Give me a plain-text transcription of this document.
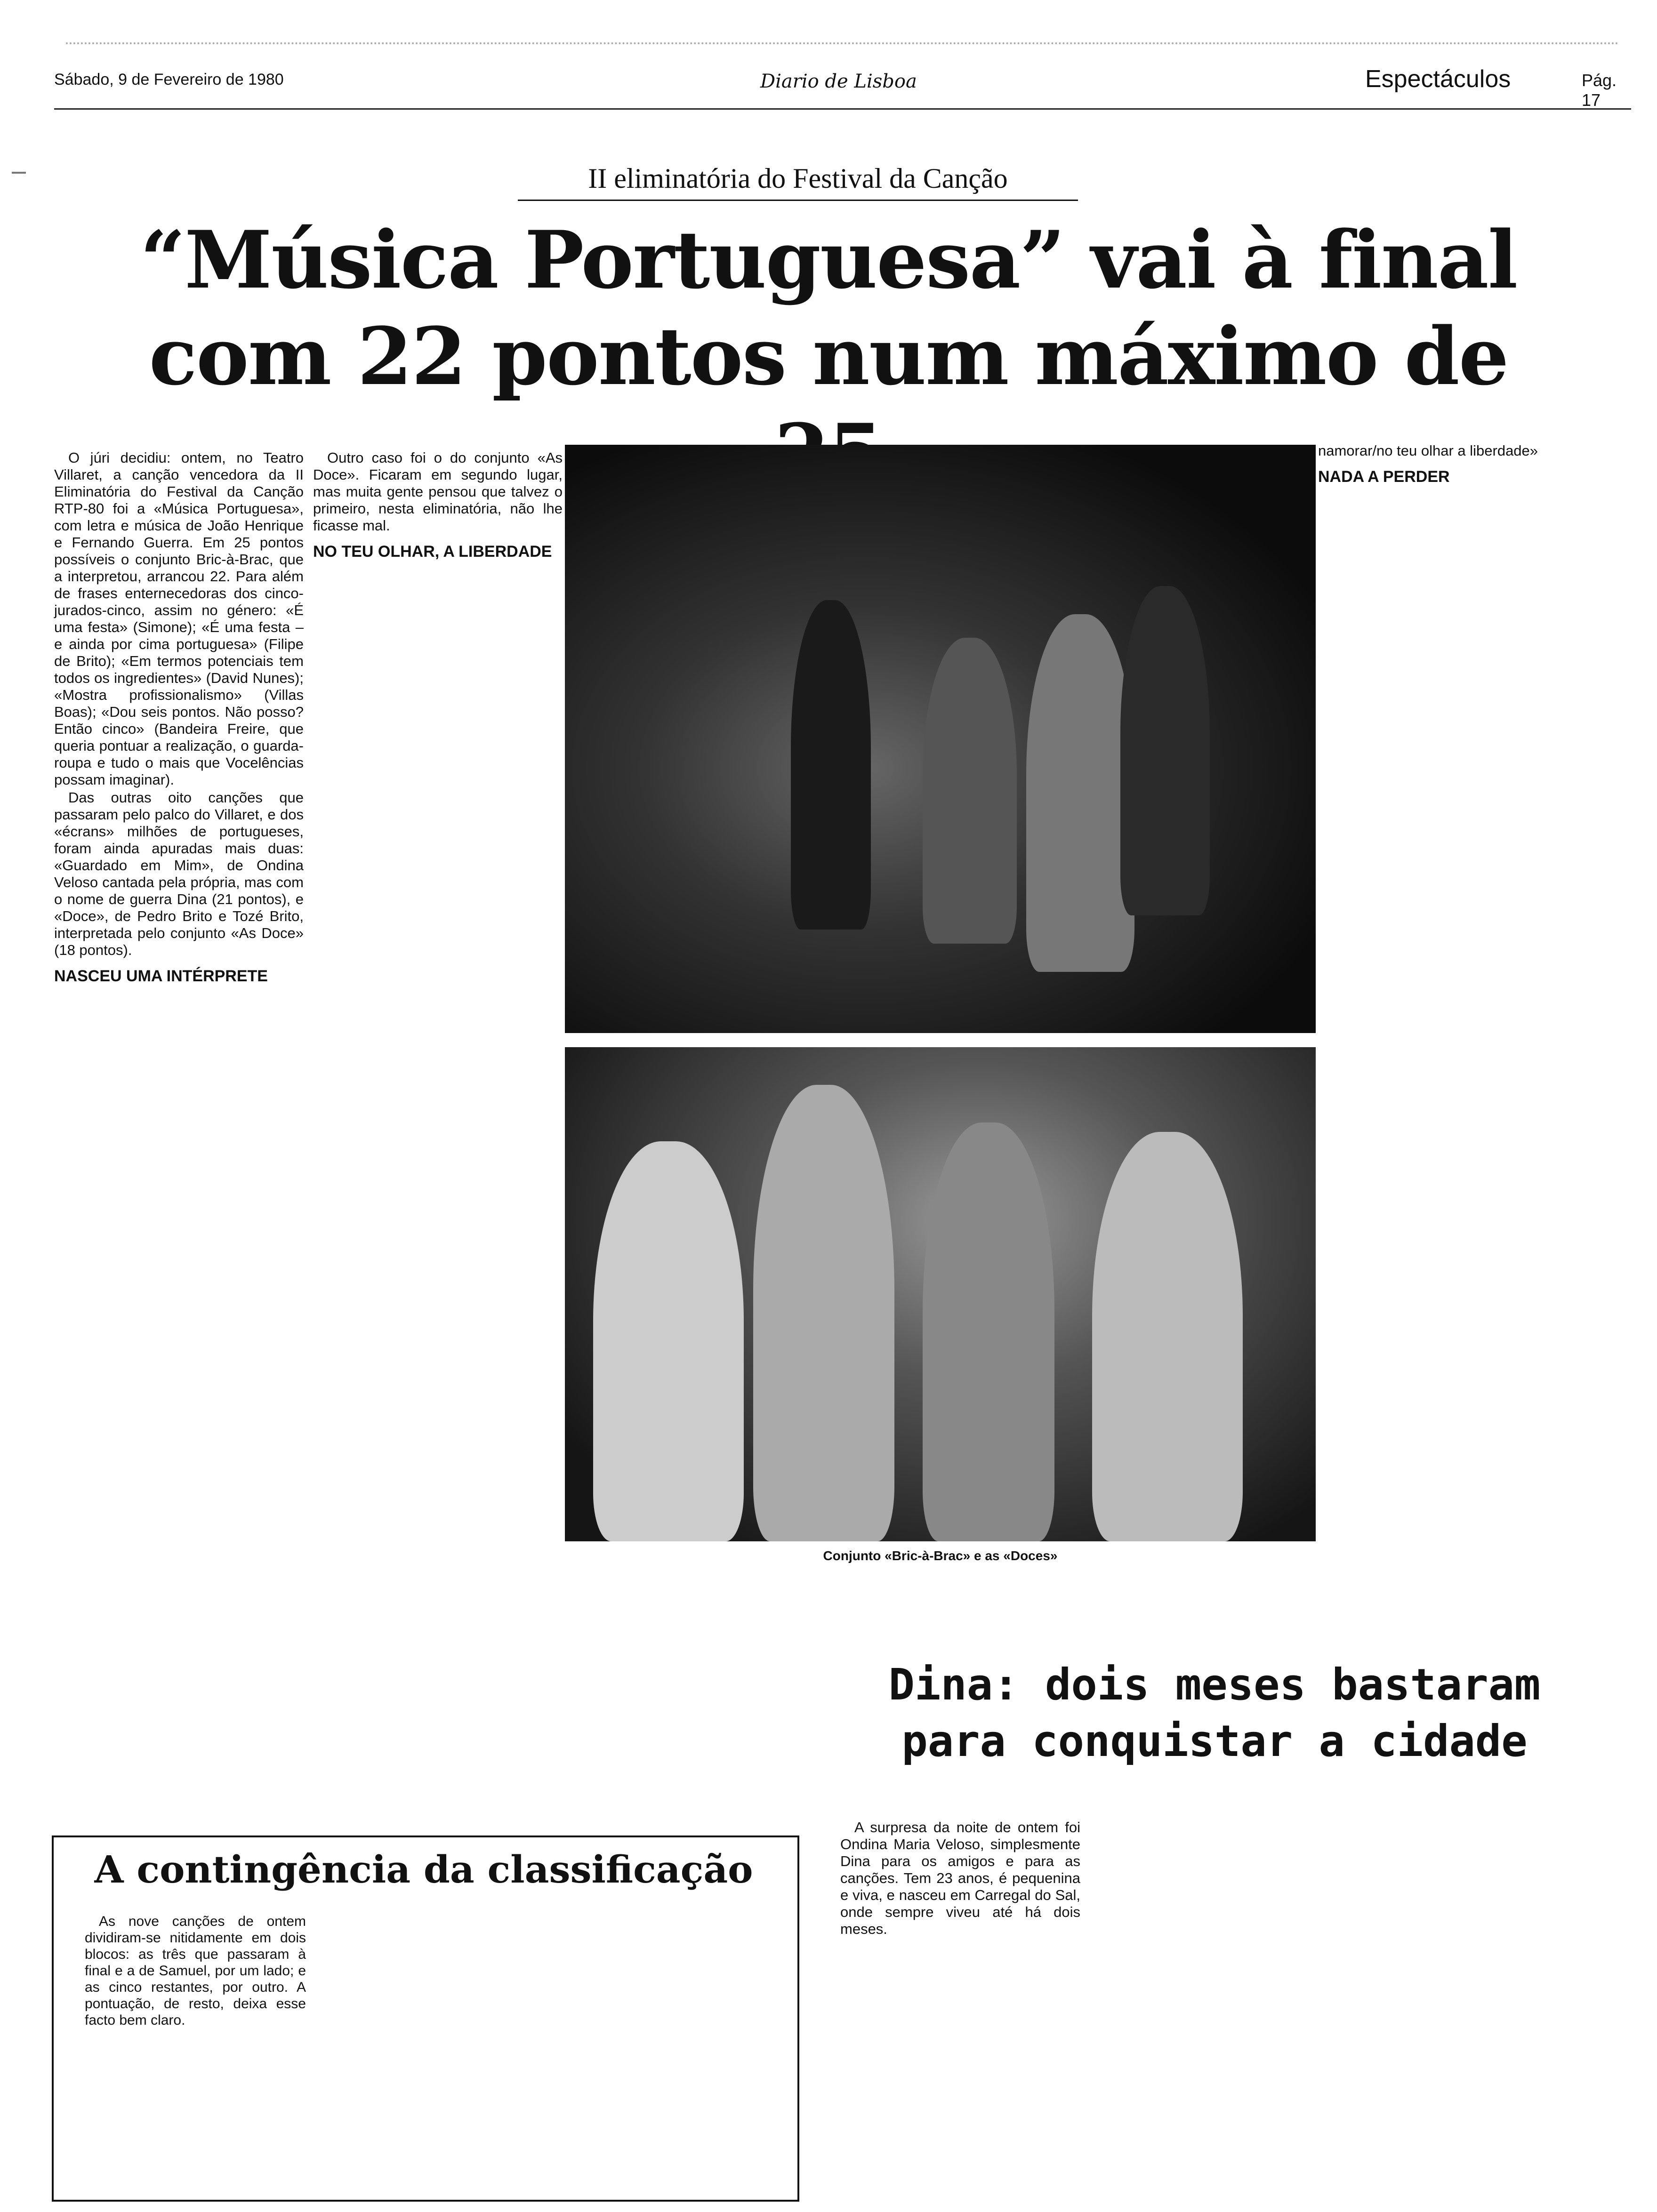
Sábado, 9 de Fevereiro de 1980	Diario de Lisboa	Espectáculos	Pág. 17
II eliminatória do Festival da Canção
“Música Portuguesa” vai à final com 22 pontos num máximo de

O júri decidiu: ontem, no Teatro Villaret, a canção vencedora da II Eliminatória do Festival da Canção RTP-80 foi a «Música Portuguesa», com letra e música de João Henrique e Fernando Guerra. Em 25 pontos possíveis o conjunto Bric-à-Brac, que a interpretou, arrancou 22. Para além de frases enternecedoras dos cinco-jurados-cinco, assim no género: «É uma festa» (Simone); «É uma festa – e ainda por cima portuguesa» (Filipe de Brito); «Em termos potenciais tem todos os ingredientes» (David Nunes); «Mostra profissionalismo» (Villas Boas); «Dou seis pontos. Não posso? Então cinco» (Bandeira Freire, que queria pontuar a realização, o guarda-roupa e tudo o mais que Vocelências possam imaginar).

Das outras oito canções que passaram pelo palco do Villaret, e dos «écrans» milhões de portugueses, foram ainda apuradas mais duas: «Guardado em Mim», de Ondina Veloso cantada pela própria, mas com o nome de guerra Dina (21 pontos), e «Doce», de Pedro Brito e Tozé Brito, interpretada pelo conjunto «As Doce» (18 pontos).

NASCEU UMA INTÉRPRETE

Outro caso foi o do conjunto «As Doce». Ficaram em segundo lugar, mas muita gente pensou que talvez o primeiro, nesta eliminatória, não lhe ficasse mal.

NO TEU OLHAR, A LIBERDADE
Conjunto «Bric-à-Brac» e as «Doces»

namorar/no teu olhar a liberdade»

NADA A PERDER
Dina: dois meses bastaram para conquistar a cidade
A contingência da classificação

As nove canções de ontem dividiram-se nitidamente em dois blocos: as três que passaram à final e a de Samuel, por um lado; e as cinco restantes, por outro. A pontuação, de resto, deixa esse facto bem claro.

A surpresa da noite de ontem foi Ondina Maria Veloso, simplesmente Dina para os amigos e para as canções. Tem 23 anos, é pequenina e viva, e nasceu em Carregal do Sal, onde sempre viveu até há dois meses.
